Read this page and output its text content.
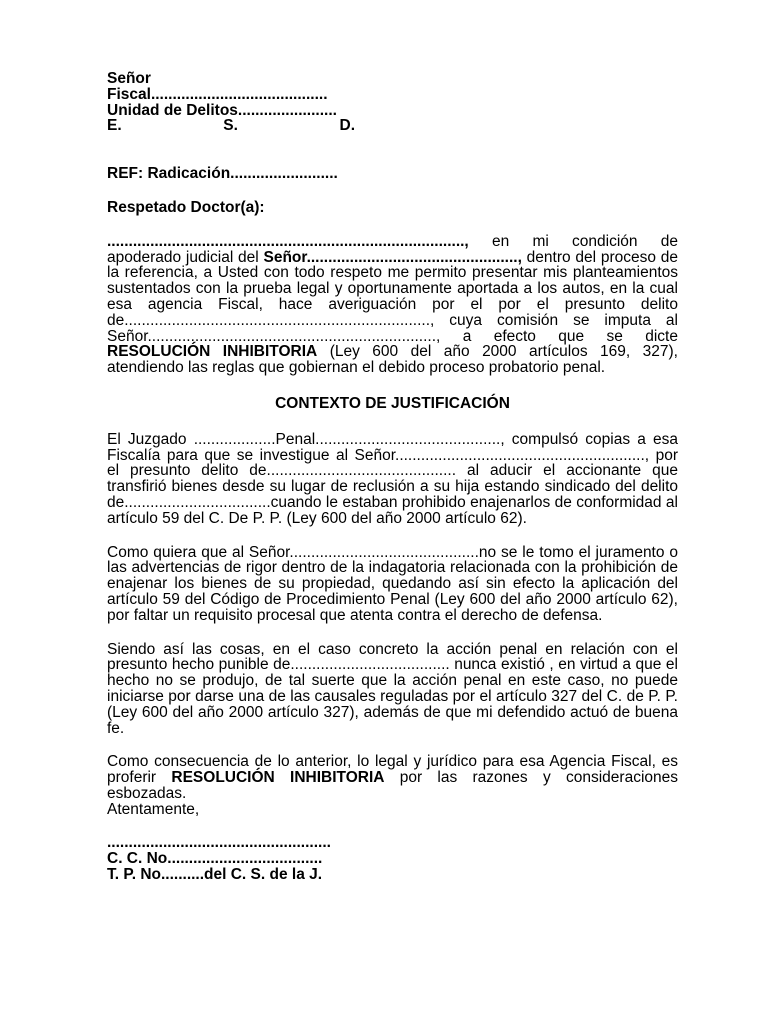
Señor
Fiscal.........................................
Unidad de Delitos.......................
E.	S.	D.
REF: Radicación.........................
Respetado Doctor(a):

..................................................................................., en mi condición de apoderado judicial del Señor................................................., dentro del proceso de la referencia, a Usted con todo respeto me permito presentar mis planteamientos sustentados con la prueba legal y oportunamente aportada a los autos, en la cual esa agencia Fiscal, hace averiguación por el por el presunto delito de......................................................................., cuya comisión se imputa al Señor..................................................................., a efecto que se dicte RESOLUCIÓN INHIBITORIA (Ley 600 del año 2000 artículos 169, 327), atendiendo las reglas que gobiernan el debido proceso probatorio penal.

CONTEXTO DE JUSTIFICACIÓN

El Juzgado ...................Penal..........................................., compulsó copias a esa Fiscalía para que se investigue al Señor.........................................................., por el presunto delito de............................................ al aducir el accionante que transfirió bienes desde su lugar de reclusión a su hija estando sindicado del delito de..................................cuando le estaban prohibido enajenarlos de conformidad al artículo 59 del C. De P. P. (Ley 600 del año 2000 artículo 62).

Como quiera que al Señor............................................no se le tomo el juramento o las advertencias de rigor dentro de la indagatoria relacionada con la prohibición de enajenar los bienes de su propiedad, quedando así sin efecto la aplicación del artículo 59 del Código de Procedimiento Penal (Ley 600 del año 2000 artículo 62), por faltar un requisito procesal que atenta contra el derecho de defensa.

Siendo así las cosas, en el caso concreto la acción penal en relación con el presunto hecho punible de..................................... nunca existió , en virtud a que el hecho no se produjo, de tal suerte que la acción penal en este caso, no puede iniciarse por darse una de las causales reguladas por el artículo 327 del C. de P. P. (Ley 600 del año 2000 artículo 327), además de que mi defendido actuó de buena fe.

Como consecuencia de lo anterior, lo legal y jurídico para esa Agencia Fiscal, es proferir RESOLUCIÓN INHIBITORIA por las razones y consideraciones esbozadas.

Atentamente,
....................................................
C. C. No....................................
T. P. No..........del C. S. de la J.
